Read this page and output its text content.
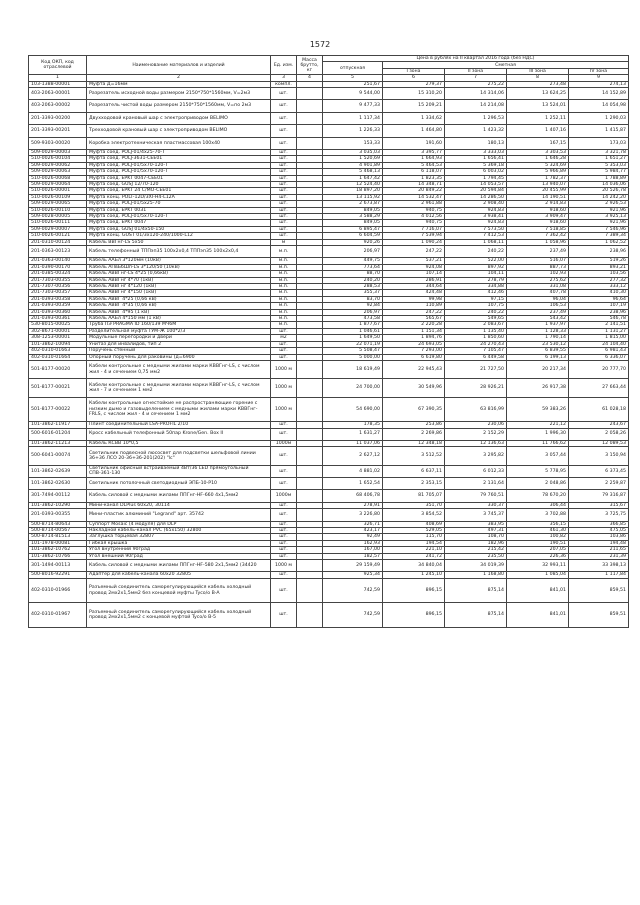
1572
Код ОКП, код отраслевой	Наименование материалов и изделий	Ед. изм.	Масса брутто, кг	Цена в рублях на II квартал 2016 года (без НДС)				
				отпускная	Сметная			
					I зона	II зона	III зона	IV зона
1	2	3	4	5	6	7	8	9
103-1388-00001	Муфта Д=16мм	компл.		251,67	279,37	275,22	273,48	274,13
403-2063-00001	Разрезатель исходной воды размером 2150*750*1560мм, V=2м3	шт.		9 544,00	15 310,20	14 314,06	13 624,25	14 152,89
403-2063-00002	Разрезатель чистой воды размером 2150*750*1560мм, V=по 2м3	шт.		9 477,33	15 209,21	14 214,08	13 524,01	14 054,98
201-3393-00200	Двухходовой крановый шар с электроприводом BELIMO	шт.		1 117,34	1 334,62	1 296,53	1 252,11	1 290,03
201-3393-00201	Трехходовой крановый шар с электроприводом BELIMO	шт.		1 226,33	1 464,80	1 423,32	1 407,16	1 415,87
509-9303-00020	Коробка электротехническая пластмассовая 100х40	шт.		153,33	191,60	180,13	167,15	173,03
509-0029-00003	Муфта соед. POLJ-01/4х25-70-T	шт.		3 035,03	3 395,77	3 333,03	3 303,53	3 321,78
510-0026-00104	Муфта соед. POLJ-3631-CEE01	шт.		1 520,69	1 664,93	1 656,41	1 646,28	1 651,27
509-0029-00062	Муфта соед. POLJ-01/5х70-120-T	шт.		4 901,89	5 464,53	5 369,18	5 324,69	5 353,03
509-0029-00063	Муфта соед. POLJ-01/5х70-120-T	шт.		5 468,13	6 118,07	6 003,02	5 966,89	5 984,77
510-0026-00068	Муфта соед. EPKT 0047-CEE01	шт.		1 647,42	1 823,35	1 794,45	1 782,37	1 788,89
509-0029-00064	Муфта соед. GUSJ 12/70-120	шт.		12 524,40	14 348,71	14 053,57	13 940,07	14 036,06
510-0026-00001	Муфта соед. EPKT 24 C/MO-CEE01	шт.		18 897,20	20 849,22	20 594,84	20 455,99	20 526,78
510-0026-00109	Муфта конц. POLT-12D/3XI-H4-L12A	шт.		13 115,92	14 532,47	14 286,50	14 190,51	14 242,20
509-0029-00065	Муфта соед. POLJ-01/5х25-70	шт.		2 673,87	2 961,88	2 908,40	2 914,83	2 926,53
510-0026-00110	Муфта соед. EPKT 0031	шт.		849,05	940,75	924,83	918,60	921,96
509-0028-00005	Муфта соед. POLJ-01/5х70-120-T	шт.		3 588,29	4 012,56	3 938,41	3 909,47	3 925,13
510-0026-00111	Муфта соед. EPKT 0047	шт.		849,05	940,75	924,83	918,60	921,96
509-0029-00007	Муфта соед. GUSJ 01/4х50-150	шт.		6 895,47	7 716,07	7 573,50	7 518,85	7 546,96
510-0026-00121	Муфта конц. GUST 01/3х120-240/1000-L12	шт.		6 604,59	7 539,94	7 412,53	7 362,42	7 389,34
201-0310-00124	Кабель ВВГнг-LS 5х50	м		920,26	1 090,24	1 068,11	1 058,96	1 062,52
201-0363-00123	Кабель телефонный ТППэп35 100х2х0,4 ТППэп35 100х2х0,4	м.п.		206,97	247,22	240,22	237,49	238,96
201-0363-00140	Кабель ААБл 3*120мм (10кВ)	м.п.		449,75	537,21	522,00	516,07	519,26
201-0390-00170	Кабель АПвБбШп-LS 3*120/50 (10кВ)	м.п.		773,64	924,08	897,92	887,73	893,21
201-0385-00324	Кабель АВВГнг-LS 4*25 (0,66кВ)	м.п.		88,70	107,14	104,11	102,93	103,56
201-7303-00355	Кабель АВВГнг 4*70 (1кВ)	м.п.		240,20	286,91	278,79	275,62	277,32
201-7307-00356	Кабель АВВГнг 4*120 (1кВ)	м.п.		288,53	344,64	334,88	331,08	333,12
201-7303-00357	Кабель АВВГнг 4*150 (1кВ)	м.п.		355,37	424,48	412,46	407,78	410,30
201-0393-00358	Кабель АВВГ 4*25 (0,66 кВ)	м.п.		83,70	99,98	97,15	96,04	96,64
201-0393-00359	Кабель АВВГ 4*35 (0,66 кВ)	м.п.		92,84	110,89	107,75	106,53	107,19
201-0393-00360	Кабель АВВГ 4*95 (1 кВ)	м.п.		206,97	247,22	240,22	237,49	238,96
201-0393-00361	Кабель ААБл 4*150 мм (1 кВ)	м.п.		473,58	565,67	549,65	543,42	546,78
530-8015-00025	Труба ПЭ PRAGMA ID 160/139 МЧ6М	м.п.		1 877,67	2 220,28	2 083,67	1 937,97	2 141,51
302-8671-00001	Разделительная муфта ТУМ-Ж 100*2/3	шт.		1 046,61	1 151,34	1 135,40	1 128,33	1 131,27
308-1253-00001	Модульные перегородки и двери	м2		1 649,50	1 894,76	1 850,60	1 790,14	1 815,00
101-3862-10094	Унитаз для инвалидов, тип 2	шт.		22 071,19	24 693,05	24 270,43	23 530,12	24 104,40
402-0310-01663	Поручень стенный	шт.		5 508,47	7 293,00	7 105,47	6 839,55	6 981,43
402-0310-01664	Опорный поручень для раковины (д=6900	шт.		5 000,00	6 619,80	6 449,58	6 199,13	6 336,07
501-8177-00020	Кабели контрольные с медными жилами марки КВВГнг-LS, с числом жил - 4 и сечением 0,75 мм2	1000 м		18 619,49	22 945,43	21 727,50	20 217,34	20 777,70
501-8177-00021	Кабели контрольные с медными жилами марки КВВГнг-LS, с числом жил - 7 и сечением 1 мм2	1000 м		24 700,00	30 549,96	28 926,21	26 917,38	27 663,44
501-8177-00022	Кабели контрольные огнестойкие не распространяющие горение с низким дымо и газовыделением с медными жилами марки КВВГнг-FRLS, с числом жил - 4 и сечением 1 мм2	1000 м		54 690,00	67 390,35	63 816,99	59 383,26	61 028,18
101-3862-11917	Плинт соединительный LSA-PROFIL 2/10	шт.		178,35	253,86	230,06	221,12	243,67
500-6016-01204	Кросс кабельный телефонный 50пар Krone/Gen. Box II	шт.		1 631,27	2 269,86	2 152,29	1 996,30	2 058,26
101-3862-11213	Кабель КСВВ 10*0,5	1000м		11 037,06	12 348,18	12 136,63	11 766,62	12 089,53
500-6041-00074	Светильник подвесной люсосвет для подсветки шельфовой линии 36+36 ЛСО 20-36+36-201(202) "lc"	шт.		2 627,12	3 512,52	3 295,82	3 057,44	3 150,94
101-3862-02639	Светильник офисный встраиваемый 4Вт/36 LED прямоугольный СПВ-361-130	шт.		4 881,02	6 637,11	6 012,33	5 778,95	6 373,45
101-3862-02630	Светильник потолочный светодиодный ЭПБ-10-Р10	шт.		1 652,54	2 353,15	2 131,64	2 048,86	2 259,87
301-7494-00112	Кабель силовой с медными жилами ППГнг-HF-660 4х1,5мм2	1000м		68 406,78	81 705,07	79 760,51	78 670,20	79 316,87
101-3862-10290	Мини-канал DLPlus 60х20, 30114	шт.		278,91	351,70	330,37	306,44	315,67
201-0393-00355	Мини-пластик алюминий "Legrand" арт. 35742	шт.		3 226,80	3 854,52	3 745,37	3 702,88	3 725,75
500-8714-80643	Суппорт Mosaic (4 модуля) для DLP	шт.		326,71	408,69	383,95	356,15	366,85
500-8714-00567	Накладной кабель-канал РVС (65х150) 32800	шт.		423,17	529,05	497,31	461,30	475,05
500-8714-81513	Заглушка торцевая 32807	шт.		92,49	115,70	108,70	100,82	103,86
101-1978-00081	Гибкая крышка	шт.		162,93	194,54	182,96	190,51	194,48
101-3862-10762	Угол внутренний 90град	шт.		167,00	221,10	215,42	207,05	211,65
101-3862-10766	Угол внешний 90град	шт.		182,57	241,72	235,50	226,36	231,39
301-1494-00113	Кабель силовой с медными жилами ППГнг-HF-580 2х1,5мм2 (34420	1000 м		29 159,49	34 840,04	34 019,39	32 993,11	33 398,13
500-8016-92291	Адаптер для кабель-канала 60х20 32805	шт.		925,34	1 245,10	1 168,80	1 085,04	1 117,84
402-0310-01966	Разъемный соединитель саморегулирующийся кабель холодный провод 2мх2х1,5мм2 без концевой муфты Tyco/o B-A	шт.		742,59	896,15	875,14	841,01	859,51
402-0310-01967	Разъемный соединитель саморегулирующийся кабель холодный провод 2мх2х1,5мм2 с концевой муфтой Tyco/o B-5	шт.		742,59	896,15	875,14	841,01	859,51
